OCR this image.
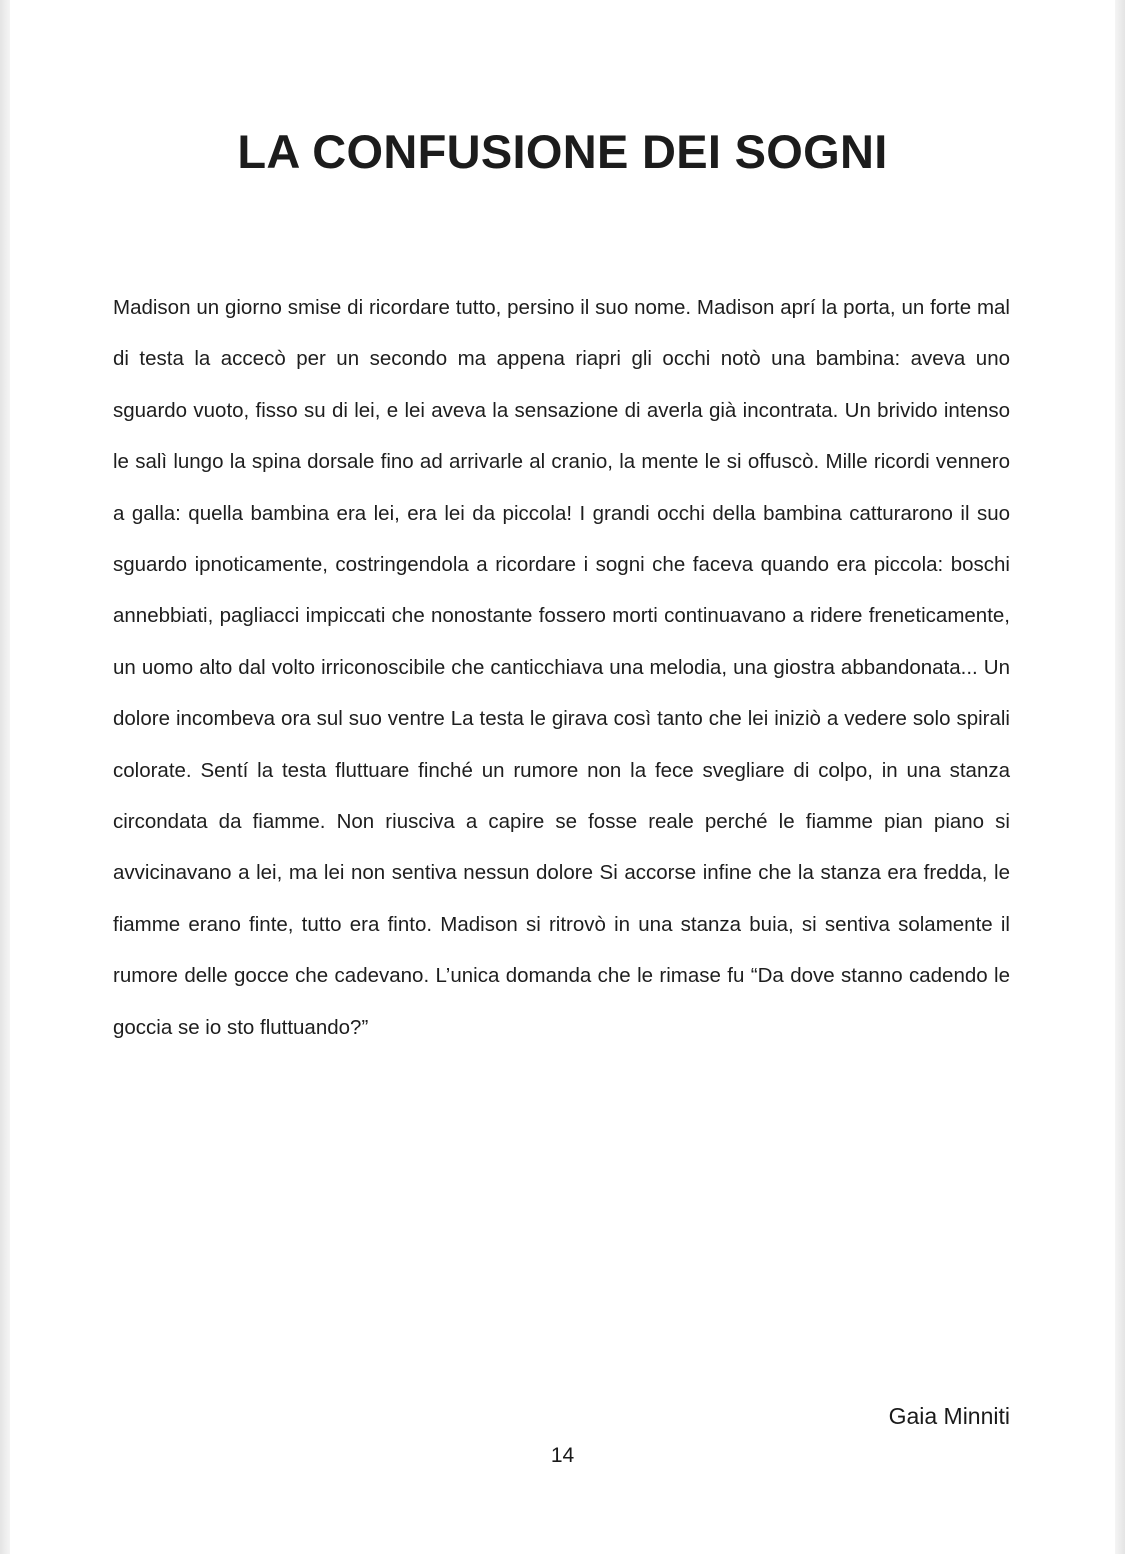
LA CONFUSIONE DEI SOGNI

Madison un giorno smise di ricordare tutto, persino il suo nome. Madison aprí la porta, un forte mal di testa la accecò per un secondo ma appena riapri gli occhi notò una bambina: aveva uno sguardo vuoto, fisso su di lei, e lei aveva la sensazione di averla già incontrata. Un brivido intenso le salì lungo la spina dorsale fino ad arrivarle al cranio, la mente le si offuscò. Mille ricordi vennero a galla: quella bambina era lei, era lei da piccola! I grandi occhi della bambina catturarono il suo sguardo ipnoticamente, costringendola a ricordare i sogni che faceva quando era piccola: boschi annebbiati, pagliacci impiccati che nonostante fossero morti continuavano a ridere freneticamente, un uomo alto dal volto irriconoscibile che canticchiava una melodia, una giostra abbandonata... Un dolore incombeva ora sul suo ventre La testa le girava così tanto che lei iniziò a vedere solo spirali colorate. Sentí la testa fluttuare finché un rumore non la fece svegliare di colpo, in una stanza circondata da fiamme. Non riusciva a capire se fosse reale perché le fiamme pian piano si avvicinavano a lei, ma lei non sentiva nessun dolore Si accorse infine che la stanza era fredda, le fiamme erano finte, tutto era finto. Madison si ritrovò in una stanza buia, si sentiva solamente il rumore delle gocce che cadevano. L’unica domanda che le rimase fu “Da dove stanno cadendo le goccia se io sto fluttuando?”

Gaia Minniti

14
